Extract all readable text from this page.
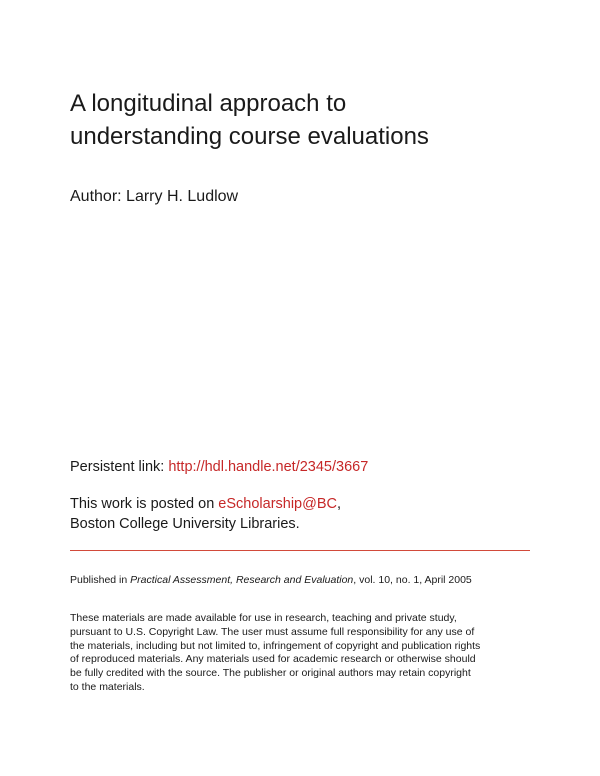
A longitudinal approach to
understanding course evaluations
Author: Larry H. Ludlow
Persistent link: http://hdl.handle.net/2345/3667
This work is posted on eScholarship@BC,
Boston College University Libraries.
Published in Practical Assessment, Research and Evaluation, vol. 10, no. 1, April 2005
These materials are made available for use in research, teaching and private study,
pursuant to U.S. Copyright Law. The user must assume full responsibility for any use of
the materials, including but not limited to, infringement of copyright and publication rights
of reproduced materials. Any materials used for academic research or otherwise should
be fully credited with the source. The publisher or original authors may retain copyright
to the materials.
